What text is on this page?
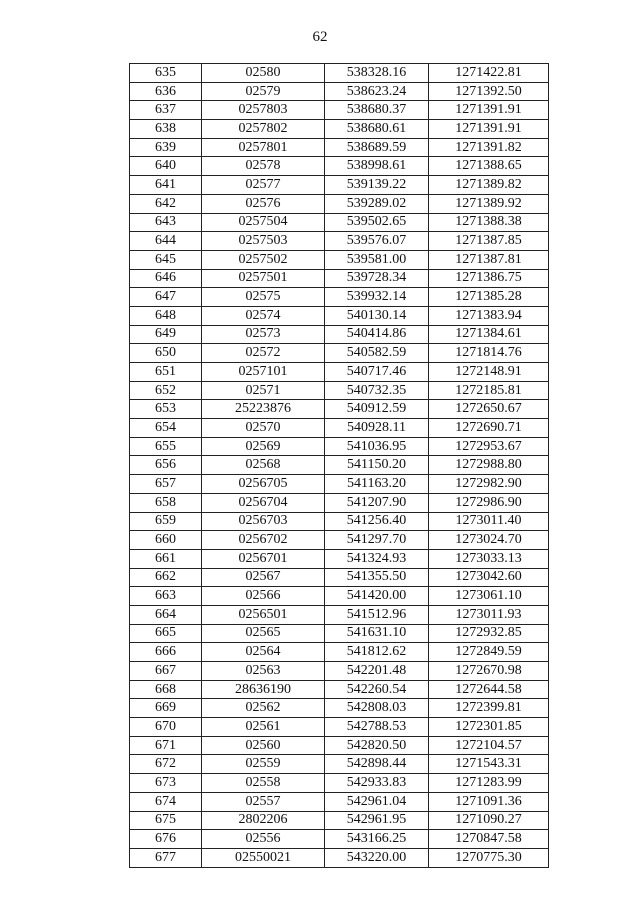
62
635	02580	538328.16	1271422.81
636	02579	538623.24	1271392.50
637	0257803	538680.37	1271391.91
638	0257802	538680.61	1271391.91
639	0257801	538689.59	1271391.82
640	02578	538998.61	1271388.65
641	02577	539139.22	1271389.82
642	02576	539289.02	1271389.92
643	0257504	539502.65	1271388.38
644	0257503	539576.07	1271387.85
645	0257502	539581.00	1271387.81
646	0257501	539728.34	1271386.75
647	02575	539932.14	1271385.28
648	02574	540130.14	1271383.94
649	02573	540414.86	1271384.61
650	02572	540582.59	1271814.76
651	0257101	540717.46	1272148.91
652	02571	540732.35	1272185.81
653	25223876	540912.59	1272650.67
654	02570	540928.11	1272690.71
655	02569	541036.95	1272953.67
656	02568	541150.20	1272988.80
657	0256705	541163.20	1272982.90
658	0256704	541207.90	1272986.90
659	0256703	541256.40	1273011.40
660	0256702	541297.70	1273024.70
661	0256701	541324.93	1273033.13
662	02567	541355.50	1273042.60
663	02566	541420.00	1273061.10
664	0256501	541512.96	1273011.93
665	02565	541631.10	1272932.85
666	02564	541812.62	1272849.59
667	02563	542201.48	1272670.98
668	28636190	542260.54	1272644.58
669	02562	542808.03	1272399.81
670	02561	542788.53	1272301.85
671	02560	542820.50	1272104.57
672	02559	542898.44	1271543.31
673	02558	542933.83	1271283.99
674	02557	542961.04	1271091.36
675	2802206	542961.95	1271090.27
676	02556	543166.25	1270847.58
677	02550021	543220.00	1270775.30
